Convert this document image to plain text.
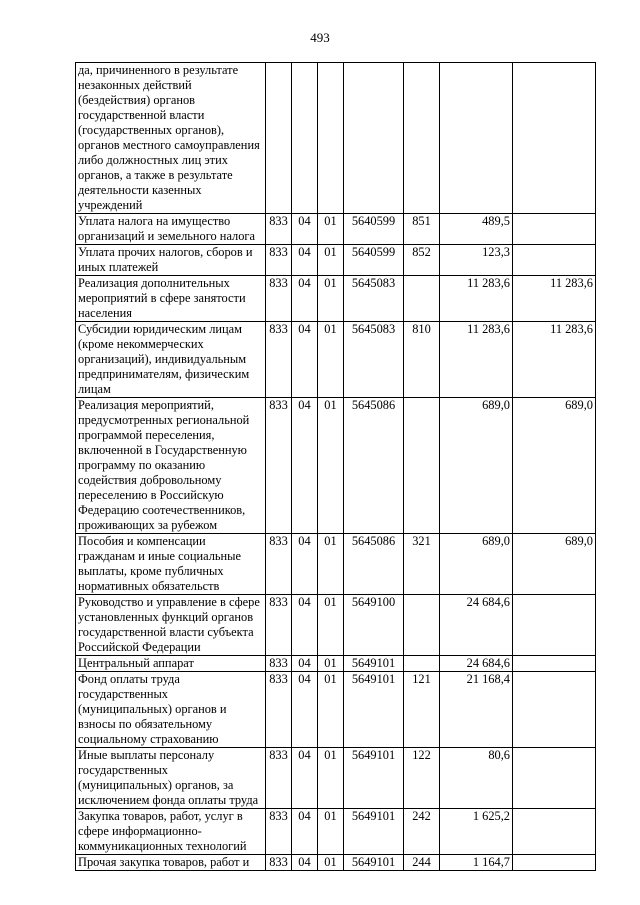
493
да, причиненного в результате незаконных действий (бездействия) органов государственной власти (государственных органов), органов местного самоуправления либо должностных лиц этих органов, а также в результате деятельности казенных учреждений							
Уплата налога на имущество организаций и земельного налога	833	04	01	5640599	851	489,5	
Уплата прочих налогов, сборов и иных платежей	833	04	01	5640599	852	123,3	
Реализация дополнительных мероприятий в сфере занятости населения	833	04	01	5645083		11 283,6	11 283,6
Субсидии юридическим лицам (кроме некоммерческих организаций), индивидуальным предпринимателям, физическим лицам	833	04	01	5645083	810	11 283,6	11 283,6
Реализация мероприятий, предусмотренных региональной программой переселения, включенной в Государственную программу по оказанию содействия добровольному переселению в Российскую Федерацию соотечественников, проживающих за рубежом	833	04	01	5645086		689,0	689,0
Пособия и компенсации гражданам и иные социальные выплаты, кроме публичных нормативных обязательств	833	04	01	5645086	321	689,0	689,0
Руководство и управление в сфере установленных функций органов государственной власти субъекта Российской Федерации	833	04	01	5649100		24 684,6	
Центральный аппарат	833	04	01	5649101		24 684,6	
Фонд оплаты труда государственных (муниципальных) органов и взносы по обязательному социальному страхованию	833	04	01	5649101	121	21 168,4	
Иные выплаты персоналу государственных (муниципальных) органов, за исключением фонда оплаты труда	833	04	01	5649101	122	80,6	
Закупка товаров, работ, услуг в сфере информационно-коммуникационных технологий	833	04	01	5649101	242	1 625,2	
Прочая закупка товаров, работ и	833	04	01	5649101	244	1 164,7	
